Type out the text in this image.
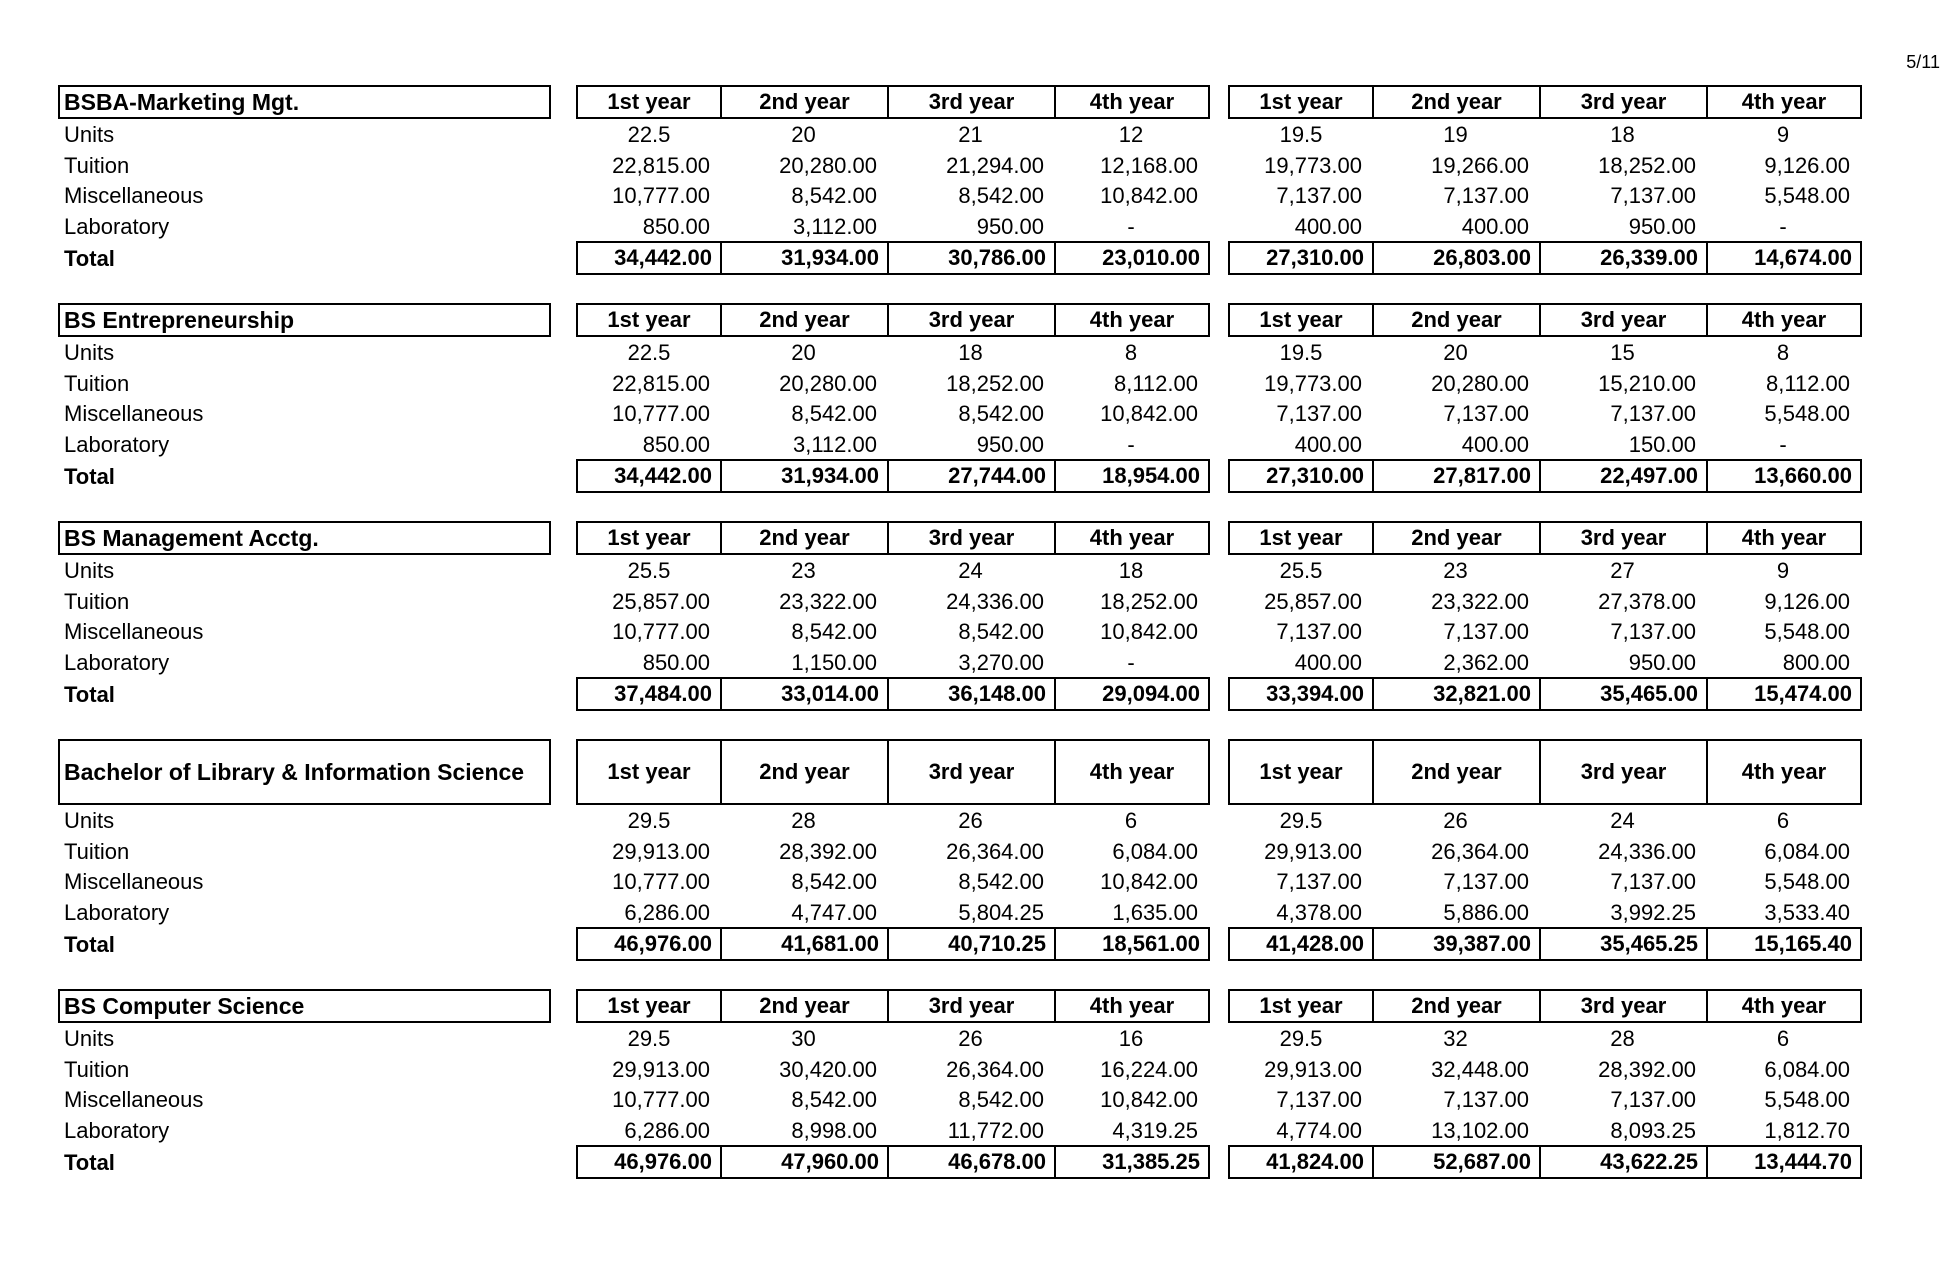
5/11
BSBA-Marketing Mgt.	1st year	2nd year	3rd year	4th year	1st year	2nd year	3rd year	4th year
Units	22.5	20	21	12	19.5	19	18	9
Tuition	22,815.00	20,280.00	21,294.00	12,168.00	19,773.00	19,266.00	18,252.00	9,126.00
Miscellaneous	10,777.00	8,542.00	8,542.00	10,842.00	7,137.00	7,137.00	7,137.00	5,548.00
Laboratory	850.00	3,112.00	950.00	-	400.00	400.00	950.00	-
Total	34,442.00	31,934.00	30,786.00	23,010.00	27,310.00	26,803.00	26,339.00	14,674.00
BS Entrepreneurship	1st year	2nd year	3rd year	4th year	1st year	2nd year	3rd year	4th year
Units	22.5	20	18	8	19.5	20	15	8
Tuition	22,815.00	20,280.00	18,252.00	8,112.00	19,773.00	20,280.00	15,210.00	8,112.00
Miscellaneous	10,777.00	8,542.00	8,542.00	10,842.00	7,137.00	7,137.00	7,137.00	5,548.00
Laboratory	850.00	3,112.00	950.00	-	400.00	400.00	150.00	-
Total	34,442.00	31,934.00	27,744.00	18,954.00	27,310.00	27,817.00	22,497.00	13,660.00
BS Management Acctg.	1st year	2nd year	3rd year	4th year	1st year	2nd year	3rd year	4th year
Units	25.5	23	24	18	25.5	23	27	9
Tuition	25,857.00	23,322.00	24,336.00	18,252.00	25,857.00	23,322.00	27,378.00	9,126.00
Miscellaneous	10,777.00	8,542.00	8,542.00	10,842.00	7,137.00	7,137.00	7,137.00	5,548.00
Laboratory	850.00	1,150.00	3,270.00	-	400.00	2,362.00	950.00	800.00
Total	37,484.00	33,014.00	36,148.00	29,094.00	33,394.00	32,821.00	35,465.00	15,474.00
Bachelor of Library & Information Science	1st year	2nd year	3rd year	4th year	1st year	2nd year	3rd year	4th year
Units	29.5	28	26	6	29.5	26	24	6
Tuition	29,913.00	28,392.00	26,364.00	6,084.00	29,913.00	26,364.00	24,336.00	6,084.00
Miscellaneous	10,777.00	8,542.00	8,542.00	10,842.00	7,137.00	7,137.00	7,137.00	5,548.00
Laboratory	6,286.00	4,747.00	5,804.25	1,635.00	4,378.00	5,886.00	3,992.25	3,533.40
Total	46,976.00	41,681.00	40,710.25	18,561.00	41,428.00	39,387.00	35,465.25	15,165.40
BS Computer Science	1st year	2nd year	3rd year	4th year	1st year	2nd year	3rd year	4th year
Units	29.5	30	26	16	29.5	32	28	6
Tuition	29,913.00	30,420.00	26,364.00	16,224.00	29,913.00	32,448.00	28,392.00	6,084.00
Miscellaneous	10,777.00	8,542.00	8,542.00	10,842.00	7,137.00	7,137.00	7,137.00	5,548.00
Laboratory	6,286.00	8,998.00	11,772.00	4,319.25	4,774.00	13,102.00	8,093.25	1,812.70
Total	46,976.00	47,960.00	46,678.00	31,385.25	41,824.00	52,687.00	43,622.25	13,444.70
